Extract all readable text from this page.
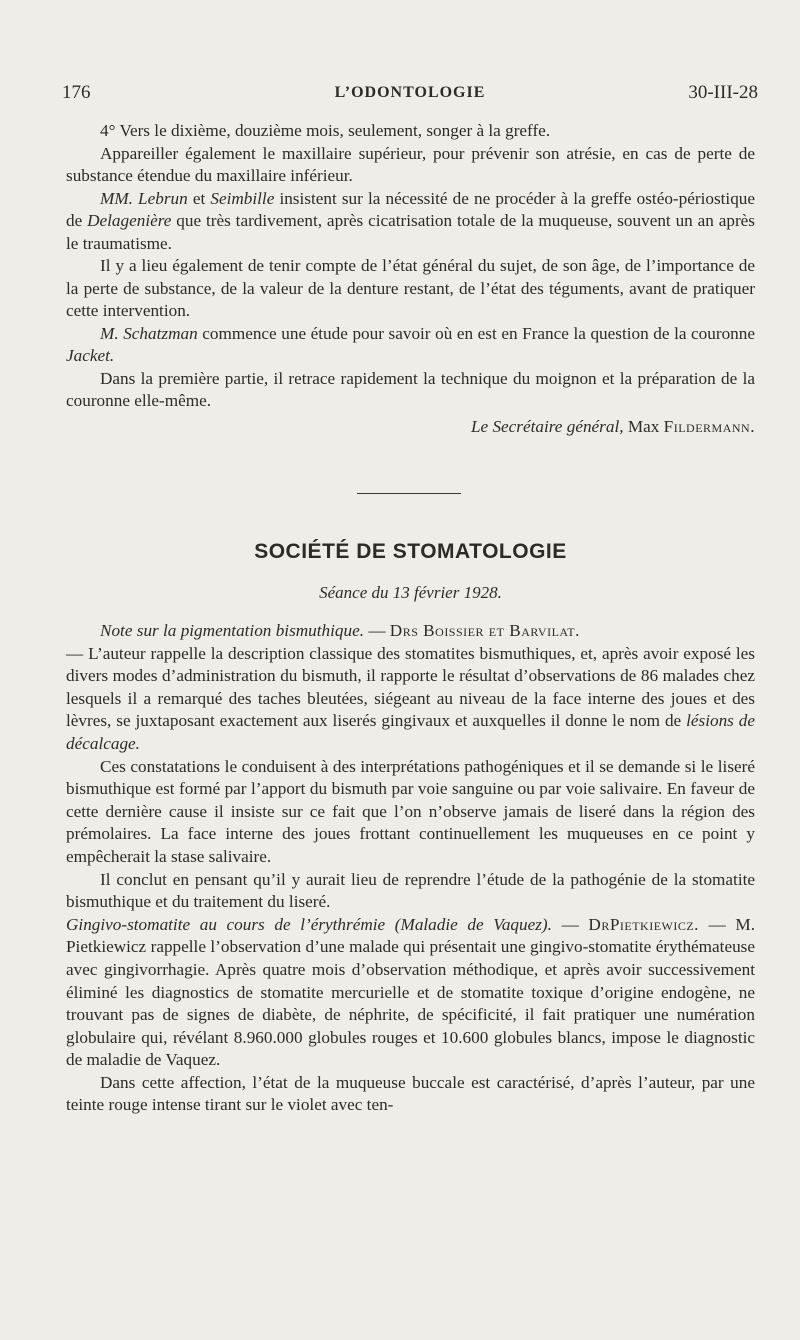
176	L’ODONTOLOGIE	30-III-28

4° Vers le dixième, douzième mois, seulement, songer à la greffe.

Appareiller également le maxillaire supérieur, pour prévenir son atrésie, en cas de perte de substance étendue du maxillaire inférieur.

MM. Lebrun et Seimbille insistent sur la nécessité de ne procéder à la greffe ostéo-périostique de Delagenière que très tardivement, après cicatrisation totale de la muqueuse, souvent un an après le traumatisme.

Il y a lieu également de tenir compte de l’état général du sujet, de son âge, de l’importance de la perte de substance, de la valeur de la denture restant, de l’état des téguments, avant de pratiquer cette intervention.

M. Schatzman commence une étude pour savoir où en est en France la question de la couronne Jacket.

Dans la première partie, il retrace rapidement la technique du moignon et la préparation de la couronne elle-même.

Le Secrétaire général, Max Fildermann.

SOCIÉTÉ DE STOMATOLOGIE
Séance du 13 février 1928.

Note sur la pigmentation bismuthique. — Drs Boissier et Barvilat.

— L’auteur rappelle la description classique des stomatites bismuthiques, et, après avoir exposé les divers modes d’administration du bismuth, il rapporte le résultat d’observations de 86 malades chez lesquels il a remarqué des taches bleutées, siégeant au niveau de la face interne des joues et des lèvres, se juxtaposant exactement aux liserés gingivaux et auxquelles il donne le nom de lésions de décalcage.

Ces constatations le conduisent à des interprétations pathogéniques et il se demande si le liseré bismuthique est formé par l’apport du bismuth par voie sanguine ou par voie salivaire. En faveur de cette dernière cause il insiste sur ce fait que l’on n’observe jamais de liseré dans la région des prémolaires. La face interne des joues frottant continuellement les muqueuses en ce point y empêcherait la stase salivaire.

Il conclut en pensant qu’il y aurait lieu de reprendre l’étude de la pathogénie de la stomatite bismuthique et du traitement du liseré.

Gingivo-stomatite au cours de l’érythrémie (Maladie de Vaquez). — DrPietkiewicz. — M. Pietkiewicz rappelle l’observation d’une malade qui présentait une gingivo-stomatite érythémateuse avec gingivorrhagie. Après quatre mois d’observation méthodique, et après avoir successivement éliminé les diagnostics de stomatite mercurielle et de stomatite toxique d’origine endogène, ne trouvant pas de signes de diabète, de néphrite, de spécificité, il fait pratiquer une numération globulaire qui, révélant 8.960.000 globules rouges et 10.600 globules blancs, impose le diagnostic de maladie de Vaquez.

Dans cette affection, l’état de la muqueuse buccale est caractérisé, d’après l’auteur, par une teinte rouge intense tirant sur le violet avec ten-
